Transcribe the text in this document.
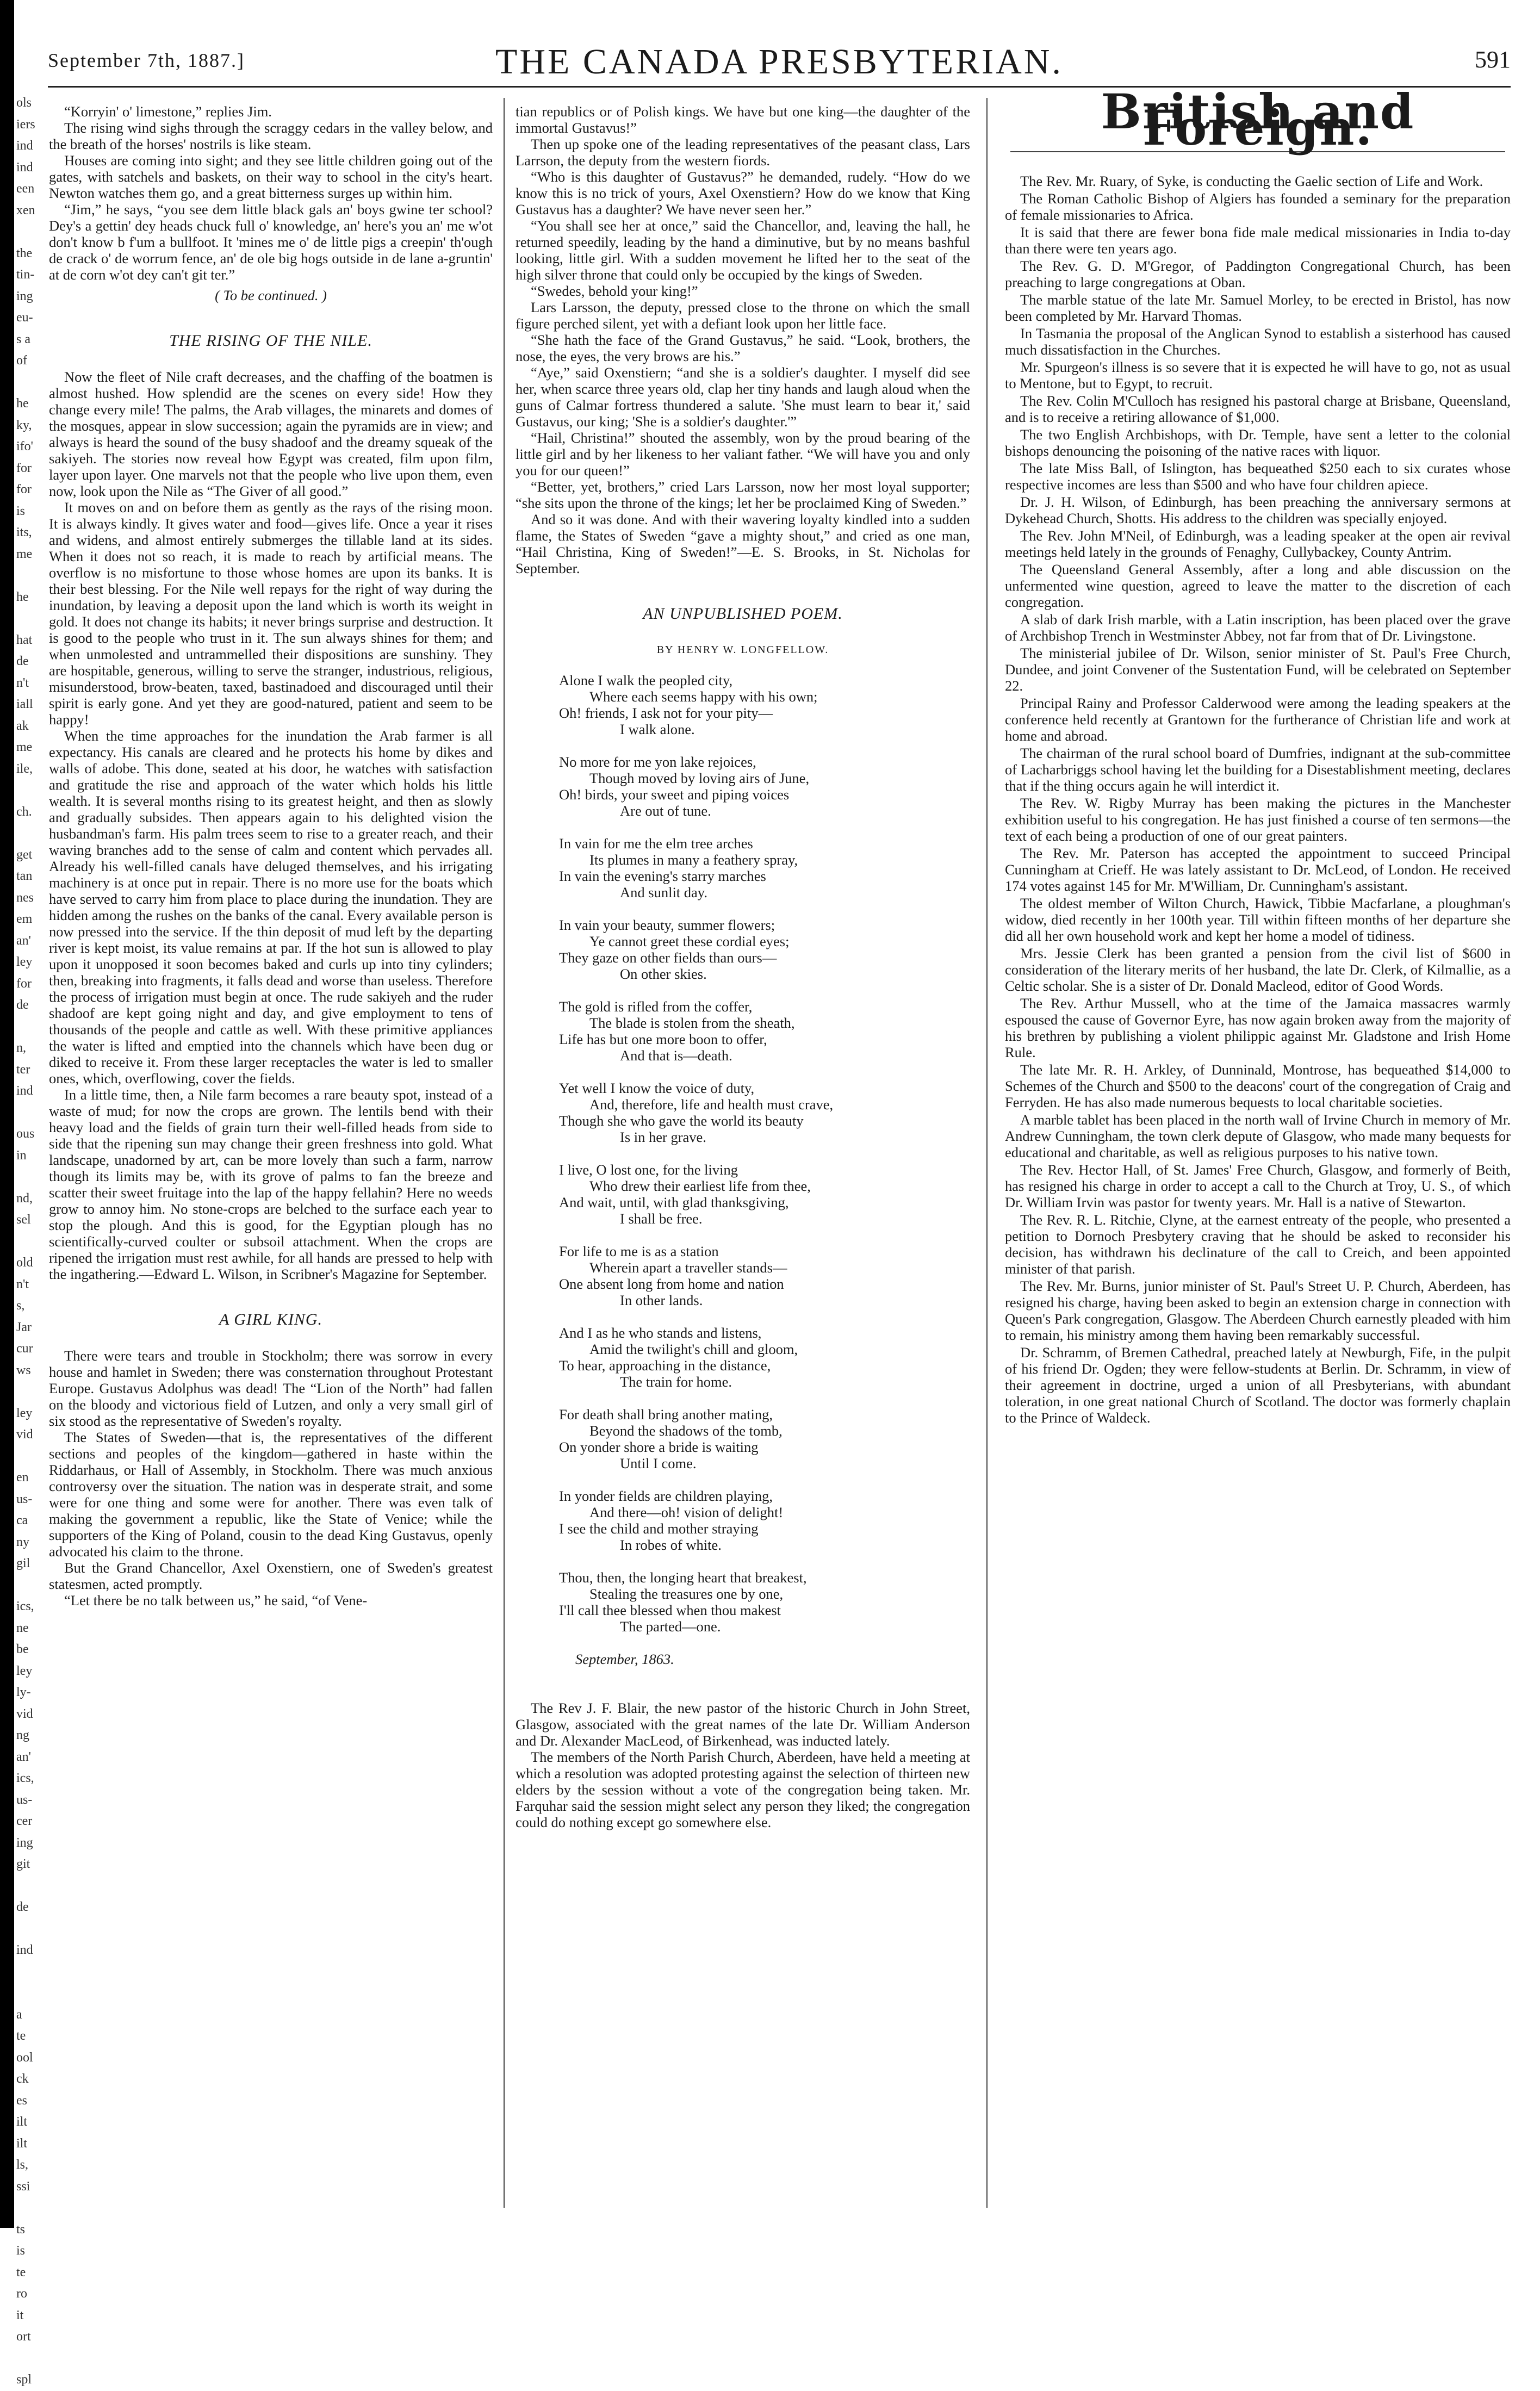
ols
iers
ind
ind
een
xen

the
tin-
ing
eu-
s a
of

he
ky,
ifo'
for
for
is
its,
me

he

hat
de
n't
iall
ak
me
ile,

ch.

get
tan
nes
em
an'
ley
for
de

n,
ter
ind

ous
in

nd,
sel

old
n't
s,
Jar
cur
ws

ley
vid

en
us-
ca
ny
gil

ics,
ne
be
ley
ly-
vid
ng
an'
ics,
us-
cer
ing
git

de

ind

a
te
ool
ck
es
ilt
ilt
ls,
ssi

ts
is
te
ro
it
ort

spl
September 7th, 1887.]	THE CANADA PRESBYTERIAN.	591

“Korryin' o' limestone,” replies Jim.

The rising wind sighs through the scraggy cedars in the valley below, and the breath of the horses' nostrils is like steam.

Houses are coming into sight; and they see little children going out of the gates, with satchels and baskets, on their way to school in the city's heart. Newton watches them go, and a great bitterness surges up within him.

“Jim,” he says, “you see dem little black gals an' boys gwine ter school? Dey's a gettin' dey heads chuck full o' knowledge, an' here's you an' me w'ot don't know b f'um a bullfoot. It 'mines me o' de little pigs a creepin' th'ough de crack o' de worrum fence, an' de ole big hogs outside in de lane a-gruntin' at de corn w'ot dey can't git ter.”

( To be continued. )
THE RISING OF THE NILE.

Now the fleet of Nile craft decreases, and the chaffing of the boatmen is almost hushed. How splendid are the scenes on every side! How they change every mile! The palms, the Arab villages, the minarets and domes of the mosques, appear in slow succession; again the pyramids are in view; and always is heard the sound of the busy shadoof and the dreamy squeak of the sakiyeh. The stories now reveal how Egypt was created, film upon film, layer upon layer. One marvels not that the people who live upon them, even now, look upon the Nile as “The Giver of all good.”

It moves on and on before them as gently as the rays of the rising moon. It is always kindly. It gives water and food—gives life. Once a year it rises and widens, and almost entirely submerges the tillable land at its sides. When it does not so reach, it is made to reach by artificial means. The overflow is no misfortune to those whose homes are upon its banks. It is their best blessing. For the Nile well repays for the right of way during the inundation, by leaving a deposit upon the land which is worth its weight in gold. It does not change its habits; it never brings surprise and destruction. It is good to the people who trust in it. The sun always shines for them; and when unmolested and untrammelled their dispositions are sunshiny. They are hospitable, generous, willing to serve the stranger, industrious, religious, misunderstood, brow-beaten, taxed, bastinadoed and discouraged until their spirit is early gone. And yet they are good-natured, patient and seem to be happy!

When the time approaches for the inundation the Arab farmer is all expectancy. His canals are cleared and he protects his home by dikes and walls of adobe. This done, seated at his door, he watches with satisfaction and gratitude the rise and approach of the water which holds his little wealth. It is several months rising to its greatest height, and then as slowly and gradually subsides. Then appears again to his delighted vision the husbandman's farm. His palm trees seem to rise to a greater reach, and their waving branches add to the sense of calm and content which pervades all. Already his well-filled canals have deluged themselves, and his irrigating machinery is at once put in repair. There is no more use for the boats which have served to carry him from place to place during the inundation. They are hidden among the rushes on the banks of the canal. Every available person is now pressed into the service. If the thin deposit of mud left by the departing river is kept moist, its value remains at par. If the hot sun is allowed to play upon it unopposed it soon becomes baked and curls up into tiny cylinders; then, breaking into fragments, it falls dead and worse than useless. Therefore the process of irrigation must begin at once. The rude sakiyeh and the ruder shadoof are kept going night and day, and give employment to tens of thousands of the people and cattle as well. With these primitive appliances the water is lifted and emptied into the channels which have been dug or diked to receive it. From these larger receptacles the water is led to smaller ones, which, overflowing, cover the fields.

In a little time, then, a Nile farm becomes a rare beauty spot, instead of a waste of mud; for now the crops are grown. The lentils bend with their heavy load and the fields of grain turn their well-filled heads from side to side that the ripening sun may change their green freshness into gold. What landscape, unadorned by art, can be more lovely than such a farm, narrow though its limits may be, with its grove of palms to fan the breeze and scatter their sweet fruitage into the lap of the happy fellahin? Here no weeds grow to annoy him. No stone-crops are belched to the surface each year to stop the plough. And this is good, for the Egyptian plough has no scientifically-curved coulter or subsoil attachment. When the crops are ripened the irrigation must rest awhile, for all hands are pressed to help with the ingathering.—Edward L. Wilson, in Scribner's Magazine for September.

A GIRL KING.

There were tears and trouble in Stockholm; there was sorrow in every house and hamlet in Sweden; there was consternation throughout Protestant Europe. Gustavus Adolphus was dead! The “Lion of the North” had fallen on the bloody and victorious field of Lutzen, and only a very small girl of six stood as the representative of Sweden's royalty.

The States of Sweden—that is, the representatives of the different sections and peoples of the kingdom—gathered in haste within the Riddarhaus, or Hall of Assembly, in Stockholm. There was much anxious controversy over the situation. The nation was in desperate strait, and some were for one thing and some were for another. There was even talk of making the government a republic, like the State of Venice; while the supporters of the King of Poland, cousin to the dead King Gustavus, openly advocated his claim to the throne.

But the Grand Chancellor, Axel Oxenstiern, one of Sweden's greatest statesmen, acted promptly.

“Let there be no talk between us,” he said, “of Vene-

tian republics or of Polish kings. We have but one king—the daughter of the immortal Gustavus!”

Then up spoke one of the leading representatives of the peasant class, Lars Larrson, the deputy from the western fiords.

“Who is this daughter of Gustavus?” he demanded, rudely. “How do we know this is no trick of yours, Axel Oxenstiern? How do we know that King Gustavus has a daughter? We have never seen her.”

“You shall see her at once,” said the Chancellor, and, leaving the hall, he returned speedily, leading by the hand a diminutive, but by no means bashful looking, little girl. With a sudden movement he lifted her to the seat of the high silver throne that could only be occupied by the kings of Sweden.

“Swedes, behold your king!”

Lars Larsson, the deputy, pressed close to the throne on which the small figure perched silent, yet with a defiant look upon her little face.

“She hath the face of the Grand Gustavus,” he said. “Look, brothers, the nose, the eyes, the very brows are his.”

“Aye,” said Oxenstiern; “and she is a soldier's daughter. I myself did see her, when scarce three years old, clap her tiny hands and laugh aloud when the guns of Calmar fortress thundered a salute. 'She must learn to bear it,' said Gustavus, our king; 'She is a soldier's daughter.'”

“Hail, Christina!” shouted the assembly, won by the proud bearing of the little girl and by her likeness to her valiant father. “We will have you and only you for our queen!”

“Better, yet, brothers,” cried Lars Larsson, now her most loyal supporter; “she sits upon the throne of the kings; let her be proclaimed King of Sweden.”

And so it was done. And with their wavering loyalty kindled into a sudden flame, the States of Sweden “gave a mighty shout,” and cried as one man, “Hail Christina, King of Sweden!”—E. S. Brooks, in St. Nicholas for September.

AN UNPUBLISHED POEM.
BY HENRY W. LONGFELLOW.
Alone I walk the peopled city,
Where each seems happy with his own;
Oh! friends, I ask not for your pity—
I walk alone.
No more for me yon lake rejoices,
Though moved by loving airs of June,
Oh! birds, your sweet and piping voices
Are out of tune.
In vain for me the elm tree arches
Its plumes in many a feathery spray,
In vain the evening's starry marches
And sunlit day.
In vain your beauty, summer flowers;
Ye cannot greet these cordial eyes;
They gaze on other fields than ours—
On other skies.
The gold is rifled from the coffer,
The blade is stolen from the sheath,
Life has but one more boon to offer,
And that is—death.
Yet well I know the voice of duty,
And, therefore, life and health must crave,
Though she who gave the world its beauty
Is in her grave.
I live, O lost one, for the living
Who drew their earliest life from thee,
And wait, until, with glad thanksgiving,
I shall be free.
For life to me is as a station
Wherein apart a traveller stands—
One absent long from home and nation
In other lands.
And I as he who stands and listens,
Amid the twilight's chill and gloom,
To hear, approaching in the distance,
The train for home.
For death shall bring another mating,
Beyond the shadows of the tomb,
On yonder shore a bride is waiting
Until I come.
In yonder fields are children playing,
And there—oh! vision of delight!
I see the child and mother straying
In robes of white.
Thou, then, the longing heart that breakest,
Stealing the treasures one by one,
I'll call thee blessed when thou makest
The parted—one.
September, 1863.

The Rev J. F. Blair, the new pastor of the historic Church in John Street, Glasgow, associated with the great names of the late Dr. William Anderson and Dr. Alexander MacLeod, of Birkenhead, was inducted lately.

The members of the North Parish Church, Aberdeen, have held a meeting at which a resolution was adopted protesting against the selection of thirteen new elders by the session without a vote of the congregation being taken. Mr. Farquhar said the session might select any person they liked; the congregation could do nothing except go somewhere else.

British and Foreign.

The Rev. Mr. Ruary, of Syke, is conducting the Gaelic section of Life and Work.

The Roman Catholic Bishop of Algiers has founded a seminary for the preparation of female missionaries to Africa.

It is said that there are fewer bona fide male medical missionaries in India to-day than there were ten years ago.

The Rev. G. D. M'Gregor, of Paddington Congregational Church, has been preaching to large congregations at Oban.

The marble statue of the late Mr. Samuel Morley, to be erected in Bristol, has now been completed by Mr. Harvard Thomas.

In Tasmania the proposal of the Anglican Synod to establish a sisterhood has caused much dissatisfaction in the Churches.

Mr. Spurgeon's illness is so severe that it is expected he will have to go, not as usual to Mentone, but to Egypt, to recruit.

The Rev. Colin M'Culloch has resigned his pastoral charge at Brisbane, Queensland, and is to receive a retiring allowance of $1,000.

The two English Archbishops, with Dr. Temple, have sent a letter to the colonial bishops denouncing the poisoning of the native races with liquor.

The late Miss Ball, of Islington, has bequeathed $250 each to six curates whose respective incomes are less than $500 and who have four children apiece.

Dr. J. H. Wilson, of Edinburgh, has been preaching the anniversary sermons at Dykehead Church, Shotts. His address to the children was specially enjoyed.

The Rev. John M'Neil, of Edinburgh, was a leading speaker at the open air revival meetings held lately in the grounds of Fenaghy, Cullybackey, County Antrim.

The Queensland General Assembly, after a long and able discussion on the unfermented wine question, agreed to leave the matter to the discretion of each congregation.

A slab of dark Irish marble, with a Latin inscription, has been placed over the grave of Archbishop Trench in Westminster Abbey, not far from that of Dr. Livingstone.

The ministerial jubilee of Dr. Wilson, senior minister of St. Paul's Free Church, Dundee, and joint Convener of the Sustentation Fund, will be celebrated on September 22.

Principal Rainy and Professor Calderwood were among the leading speakers at the conference held recently at Grantown for the furtherance of Christian life and work at home and abroad.

The chairman of the rural school board of Dumfries, indignant at the sub-committee of Lacharbriggs school having let the building for a Disestablishment meeting, declares that if the thing occurs again he will interdict it.

The Rev. W. Rigby Murray has been making the pictures in the Manchester exhibition useful to his congregation. He has just finished a course of ten sermons—the text of each being a production of one of our great painters.

The Rev. Mr. Paterson has accepted the appointment to succeed Principal Cunningham at Crieff. He was lately assistant to Dr. McLeod, of London. He received 174 votes against 145 for Mr. M'William, Dr. Cunningham's assistant.

The oldest member of Wilton Church, Hawick, Tibbie Macfarlane, a ploughman's widow, died recently in her 100th year. Till within fifteen months of her departure she did all her own household work and kept her home a model of tidiness.

Mrs. Jessie Clerk has been granted a pension from the civil list of $600 in consideration of the literary merits of her husband, the late Dr. Clerk, of Kilmallie, as a Celtic scholar. She is a sister of Dr. Donald Macleod, editor of Good Words.

The Rev. Arthur Mussell, who at the time of the Jamaica massacres warmly espoused the cause of Governor Eyre, has now again broken away from the majority of his brethren by publishing a violent philippic against Mr. Gladstone and Irish Home Rule.

The late Mr. R. H. Arkley, of Dunninald, Montrose, has bequeathed $14,000 to Schemes of the Church and $500 to the deacons' court of the congregation of Craig and Ferryden. He has also made numerous bequests to local charitable societies.

A marble tablet has been placed in the north wall of Irvine Church in memory of Mr. Andrew Cunningham, the town clerk depute of Glasgow, who made many bequests for educational and charitable, as well as religious purposes to his native town.

The Rev. Hector Hall, of St. James' Free Church, Glasgow, and formerly of Beith, has resigned his charge in order to accept a call to the Church at Troy, U. S., of which Dr. William Irvin was pastor for twenty years. Mr. Hall is a native of Stewarton.

The Rev. R. L. Ritchie, Clyne, at the earnest entreaty of the people, who presented a petition to Dornoch Presbytery craving that he should be asked to reconsider his decision, has withdrawn his declinature of the call to Creich, and been appointed minister of that parish.

The Rev. Mr. Burns, junior minister of St. Paul's Street U. P. Church, Aberdeen, has resigned his charge, having been asked to begin an extension charge in connection with Queen's Park congregation, Glasgow. The Aberdeen Church earnestly pleaded with him to remain, his ministry among them having been remarkably successful.

Dr. Schramm, of Bremen Cathedral, preached lately at Newburgh, Fife, in the pulpit of his friend Dr. Ogden; they were fellow-students at Berlin. Dr. Schramm, in view of their agreement in doctrine, urged a union of all Presbyterians, with abundant toleration, in one great national Church of Scotland. The doctor was formerly chaplain to the Prince of Waldeck.
